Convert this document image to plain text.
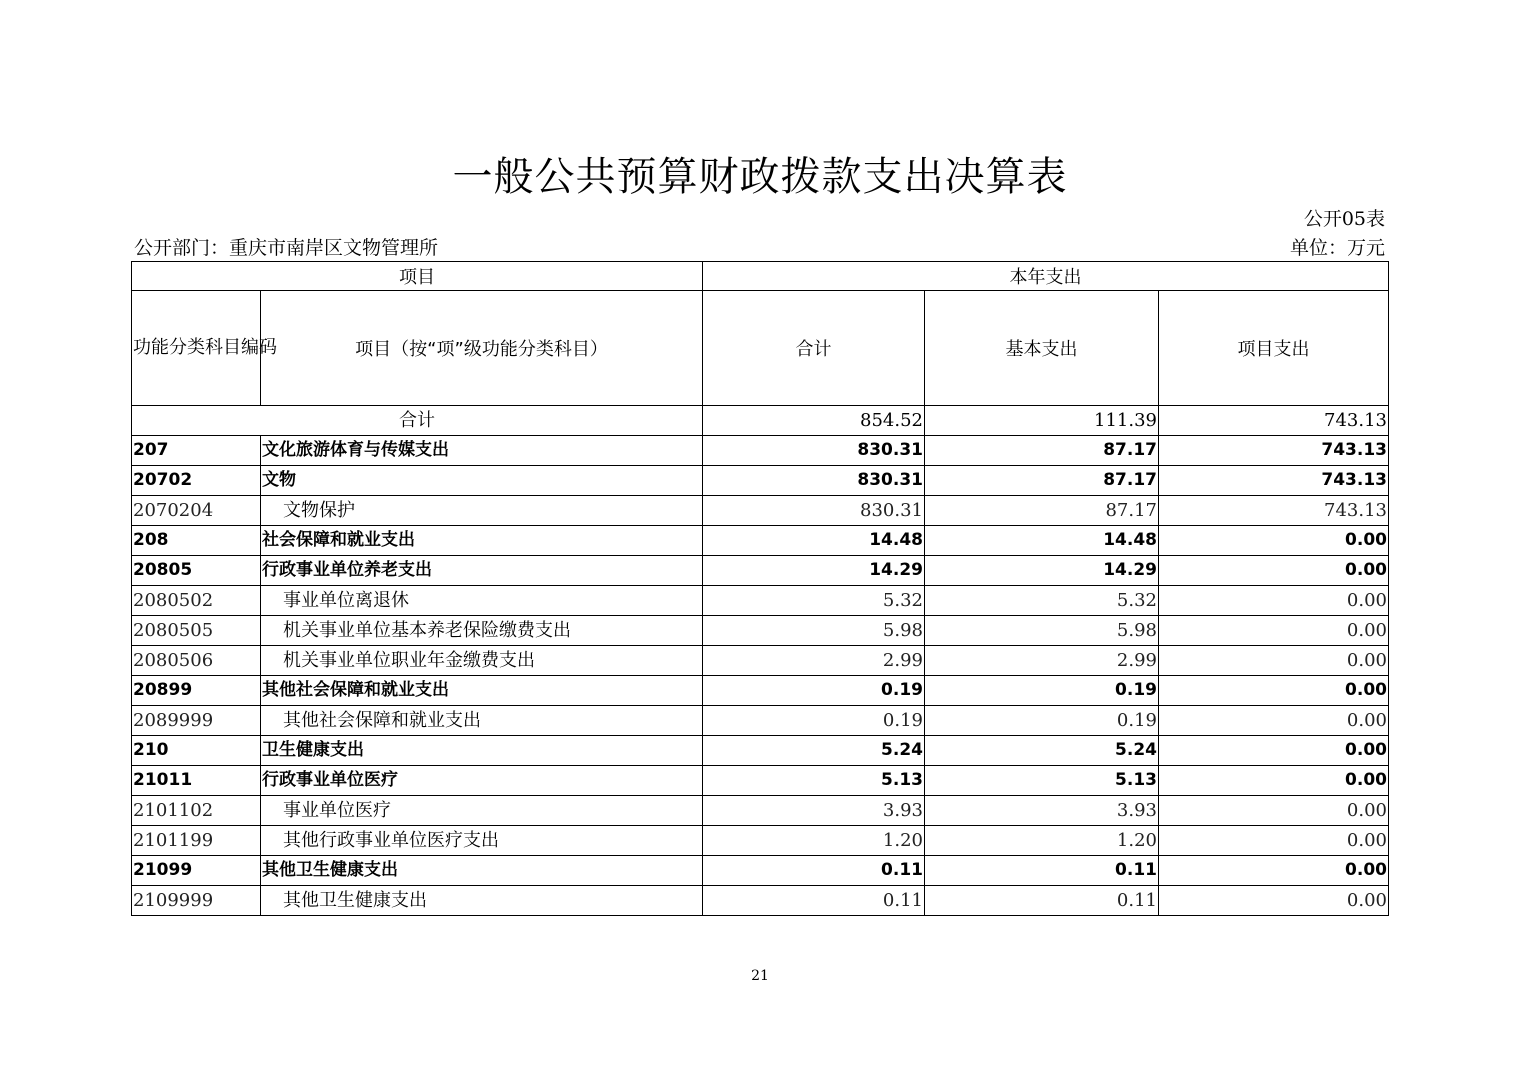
一般公共预算财政拨款支出决算表
公开05表
公开部门：重庆市南岸区文物管理所	单位：万元
项目		本年支出		
功能分类科目编码	项目（按“项”级功能分类科目）	合计	基本支出	项目支出
合计		854.52	111.39	743.13
207	文化旅游体育与传媒支出	830.31	87.17	743.13
20702	文物	830.31	87.17	743.13
2070204	文物保护	830.31	87.17	743.13
208	社会保障和就业支出	14.48	14.48	0.00
20805	行政事业单位养老支出	14.29	14.29	0.00
2080502	事业单位离退休	5.32	5.32	0.00
2080505	机关事业单位基本养老保险缴费支出	5.98	5.98	0.00
2080506	机关事业单位职业年金缴费支出	2.99	2.99	0.00
20899	其他社会保障和就业支出	0.19	0.19	0.00
2089999	其他社会保障和就业支出	0.19	0.19	0.00
210	卫生健康支出	5.24	5.24	0.00
21011	行政事业单位医疗	5.13	5.13	0.00
2101102	事业单位医疗	3.93	3.93	0.00
2101199	其他行政事业单位医疗支出	1.20	1.20	0.00
21099	其他卫生健康支出	0.11	0.11	0.00
2109999	其他卫生健康支出	0.11	0.11	0.00
21
